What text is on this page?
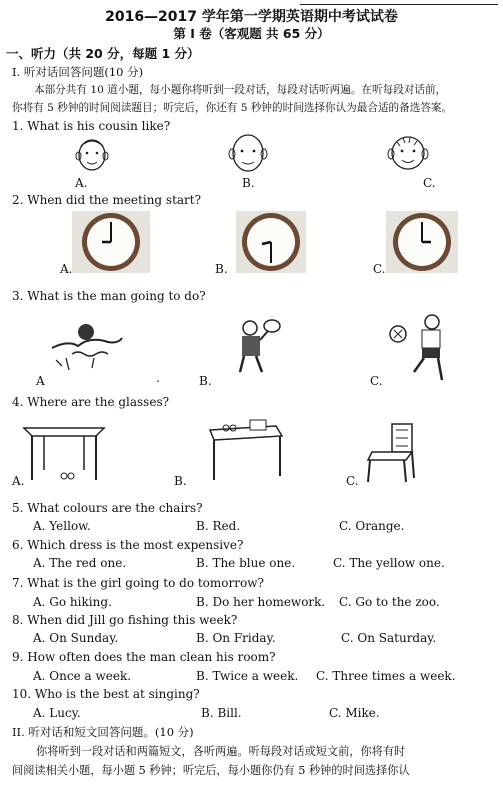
2016—2017 学年第一学期英语期中考试试卷
第 I 卷（客观题 共 65 分）
一、听力（共 20 分，每题 1 分）
I. 听对话回答问题(10 分)
本部分共有 10 道小题，每小题你将听到一段对话，每段对话听两遍。在听每段对话前，
你将有 5 秒钟的时间阅读题目；听完后，你还有 5 秒钟的时间选择你认为最合适的备选答案。
1. What is his cousin like?
A.	B.	C.
2. When did the meeting start?
A.	B.	C.
3. What is the man going to do?
A	.	B.	C.
4. Where are the glasses?
A.	B.	C.
5. What colours are the chairs?
A. Yellow.	B. Red.	C. Orange.
6. Which dress is the most expensive?
A. The red one.	B. The blue one.	C. The yellow one.
7. What is the girl going to do tomorrow?
A. Go hiking.	B. Do her homework. C. Go to the zoo.
8. When did Jill go fishing this week?
A. On Sunday.	B. On Friday.	C. On Saturday.
9. How often does the man clean his room?
A. Once a week.	B. Twice a week. C. Three times a week.
10. Who is the best at singing?
A. Lucy.	B. Bill.	C. Mike.
II. 听对话和短文回答问题。(10 分)
你将听到一段对话和两篇短文，各听两遍。听每段对话或短文前，你将有时
间阅读相关小题，每小题 5 秒钟；听完后，每小题你仍有 5 秒钟的时间选择你认
